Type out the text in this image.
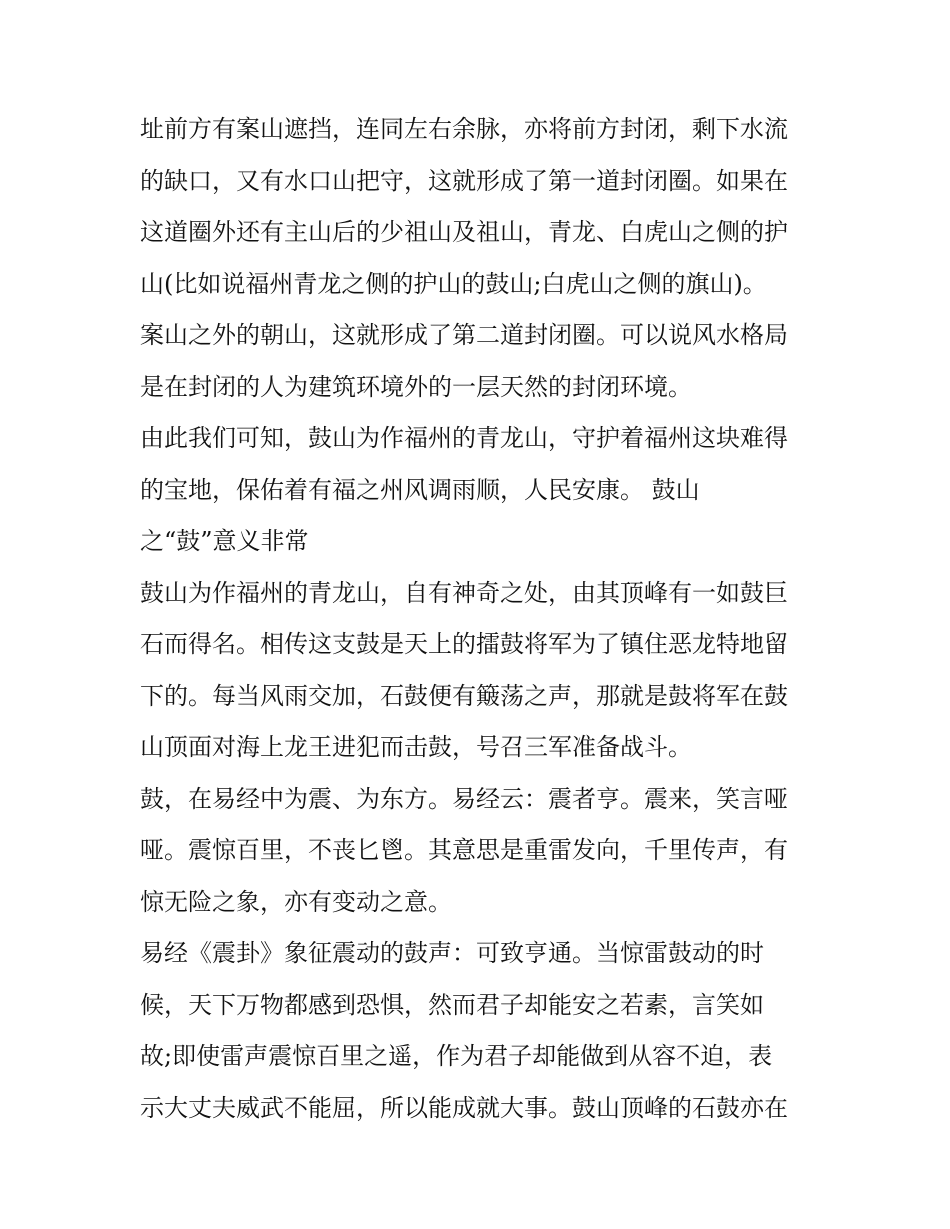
址前方有案山遮挡，连同左右余脉，亦将前方封闭，剩下水流
的缺口，又有水口山把守，这就形成了第一道封闭圈。如果在
这道圈外还有主山后的少祖山及祖山，青龙、白虎山之侧的护
山(比如说福州青龙之侧的护山的鼓山;白虎山之侧的旗山)。
案山之外的朝山，这就形成了第二道封闭圈。可以说风水格局
是在封闭的人为建筑环境外的一层天然的封闭环境。
由此我们可知，鼓山为作福州的青龙山，守护着福州这块难得
的宝地，保佑着有福之州风调雨顺，人民安康。 鼓山
之“鼓”意义非常
鼓山为作福州的青龙山，自有神奇之处，由其顶峰有一如鼓巨
石而得名。相传这支鼓是天上的擂鼓将军为了镇住恶龙特地留
下的。每当风雨交加，石鼓便有簸荡之声，那就是鼓将军在鼓
山顶面对海上龙王进犯而击鼓，号召三军准备战斗。
鼓，在易经中为震、为东方。易经云：震者亨。震来，笑言哑
哑。震惊百里，不丧匕鬯。其意思是重雷发向，千里传声，有
惊无险之象，亦有变动之意。
易经《震卦》象征震动的鼓声：可致亨通。当惊雷鼓动的时
候，天下万物都感到恐惧，然而君子却能安之若素，言笑如
故;即使雷声震惊百里之遥，作为君子却能做到从容不迫，表
示大丈夫威武不能屈，所以能成就大事。鼓山顶峰的石鼓亦在
